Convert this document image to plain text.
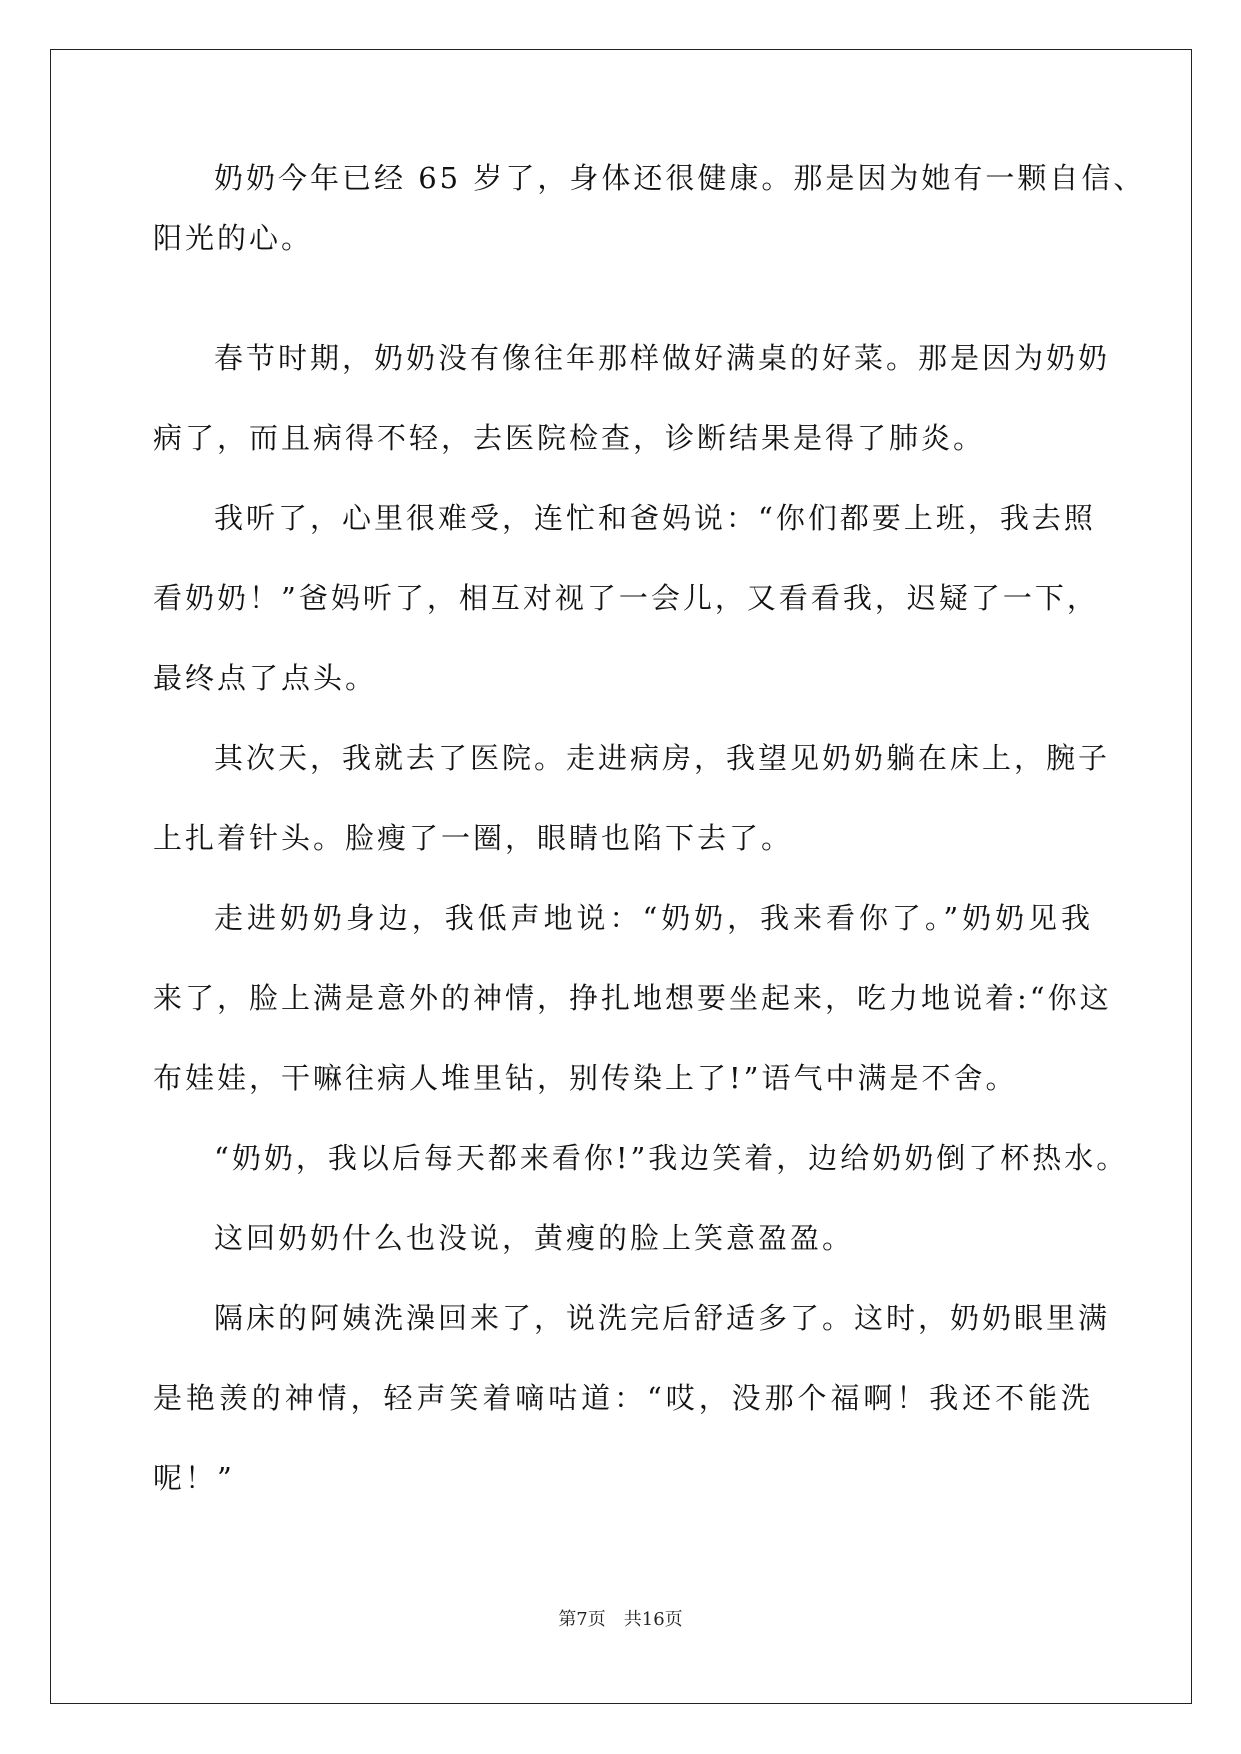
奶奶今年已经 65 岁了，身体还很健康。那是因为她有一颗自信、
阳光的心。
春节时期，奶奶没有像往年那样做好满桌的好菜。那是因为奶奶
病了，而且病得不轻，去医院检查，诊断结果是得了肺炎。
我听了，心里很难受，连忙和爸妈说：“你们都要上班，我去照
看奶奶！”爸妈听了，相互对视了一会儿，又看看我，迟疑了一下，
最终点了点头。
其次天，我就去了医院。走进病房，我望见奶奶躺在床上，腕子
上扎着针头。脸瘦了一圈，眼睛也陷下去了。
走进奶奶身边，我低声地说：“奶奶，我来看你了。”奶奶见我
来了，脸上满是意外的神情，挣扎地想要坐起来，吃力地说着:“你这
布娃娃，干嘛往病人堆里钻，别传染上了!”语气中满是不舍。
“奶奶，我以后每天都来看你!”我边笑着，边给奶奶倒了杯热水。
这回奶奶什么也没说，黄瘦的脸上笑意盈盈。
隔床的阿姨洗澡回来了，说洗完后舒适多了。这时，奶奶眼里满
是艳羡的神情，轻声笑着嘀咕道：“哎，没那个福啊！我还不能洗
呢！”
第7页 共16页
